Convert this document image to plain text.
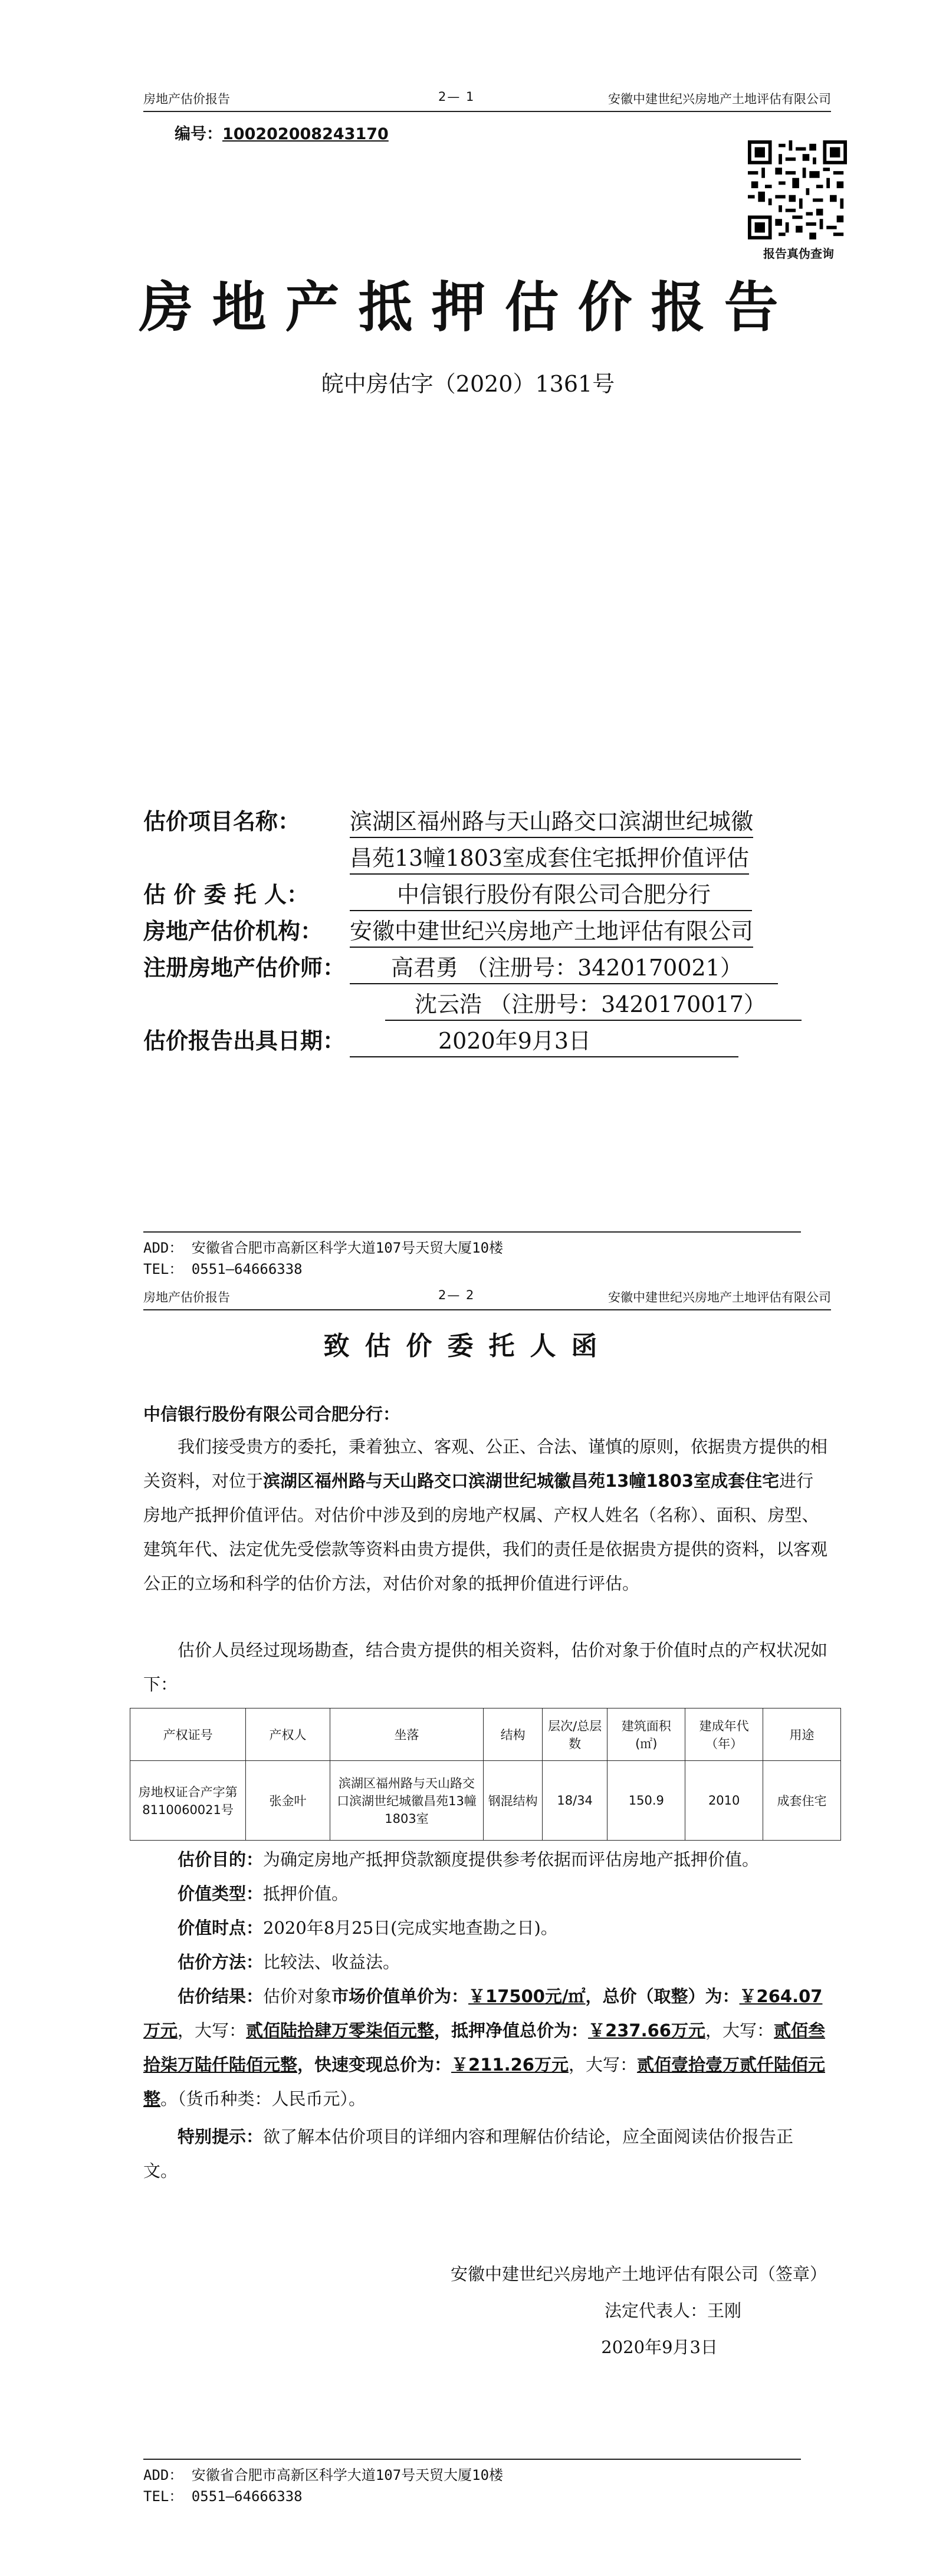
房地产估价报告	2— 1	安徽中建世纪兴房地产土地评估有限公司
编号：100202008243170
报告真伪查询
房地产抵押估价报告
皖中房估字（2020）1361号
估价项目名称： 滨湖区福州路与天山路交口滨湖世纪城徽
昌苑13幢1803室成套住宅抵押价值评估
估 价 委 托 人：	中信银行股份有限公司合肥分行
房地产估价机构： 安徽中建世纪兴房地产土地评估有限公司
注册房地产估价师：	高君勇 （注册号：3420170021）
沈云浩 （注册号：3420170017）
估价报告出具日期：	2020年9月3日
ADD： 安徽省合肥市高新区科学大道107号天贸大厦10楼
TEL： 0551—64666338
房地产估价报告	2— 2	安徽中建世纪兴房地产土地评估有限公司
致估价委托人函
中信银行股份有限公司合肥分行：
我们接受贵方的委托，秉着独立、客观、公正、合法、谨慎的原则，依据贵方提供的相关资料，对位于滨湖区福州路与天山路交口滨湖世纪城徽昌苑13幢1803室成套住宅进行房地产抵押价值评估。对估价中涉及到的房地产权属、产权人姓名（名称）、面积、房型、建筑年代、法定优先受偿款等资料由贵方提供，我们的责任是依据贵方提供的资料，以客观公正的立场和科学的估价方法，对估价对象的抵押价值进行评估。
估价人员经过现场勘查，结合贵方提供的相关资料，估价对象于价值时点的产权状况如下：
产权证号	产权人	坐落	结构	层次/总层数	建筑面积(㎡)	建成年代（年）	用途
房地权证合产字第8110060021号	张金叶	滨湖区福州路与天山路交口滨湖世纪城徽昌苑13幢1803室	钢混结构	18/34	150.9	2010	成套住宅
估价目的：为确定房地产抵押贷款额度提供参考依据而评估房地产抵押价值。
价值类型：抵押价值。
价值时点：2020年8月25日(完成实地查勘之日)。
估价方法：比较法、收益法。
估价结果：估价对象市场价值单价为：￥17500元/㎡，总价（取整）为：￥264.07万元，大写：贰佰陆拾肆万零柒佰元整，抵押净值总价为：￥237.66万元，大写：贰佰叁拾柒万陆仟陆佰元整，快速变现总价为：￥211.26万元，大写：贰佰壹拾壹万贰仟陆佰元整。（货币种类：人民币元）。
特别提示：欲了解本估价项目的详细内容和理解估价结论，应全面阅读估价报告正文。
安徽中建世纪兴房地产土地评估有限公司（签章）
法定代表人：王刚
2020年9月3日
ADD： 安徽省合肥市高新区科学大道107号天贸大厦10楼
TEL： 0551—64666338
